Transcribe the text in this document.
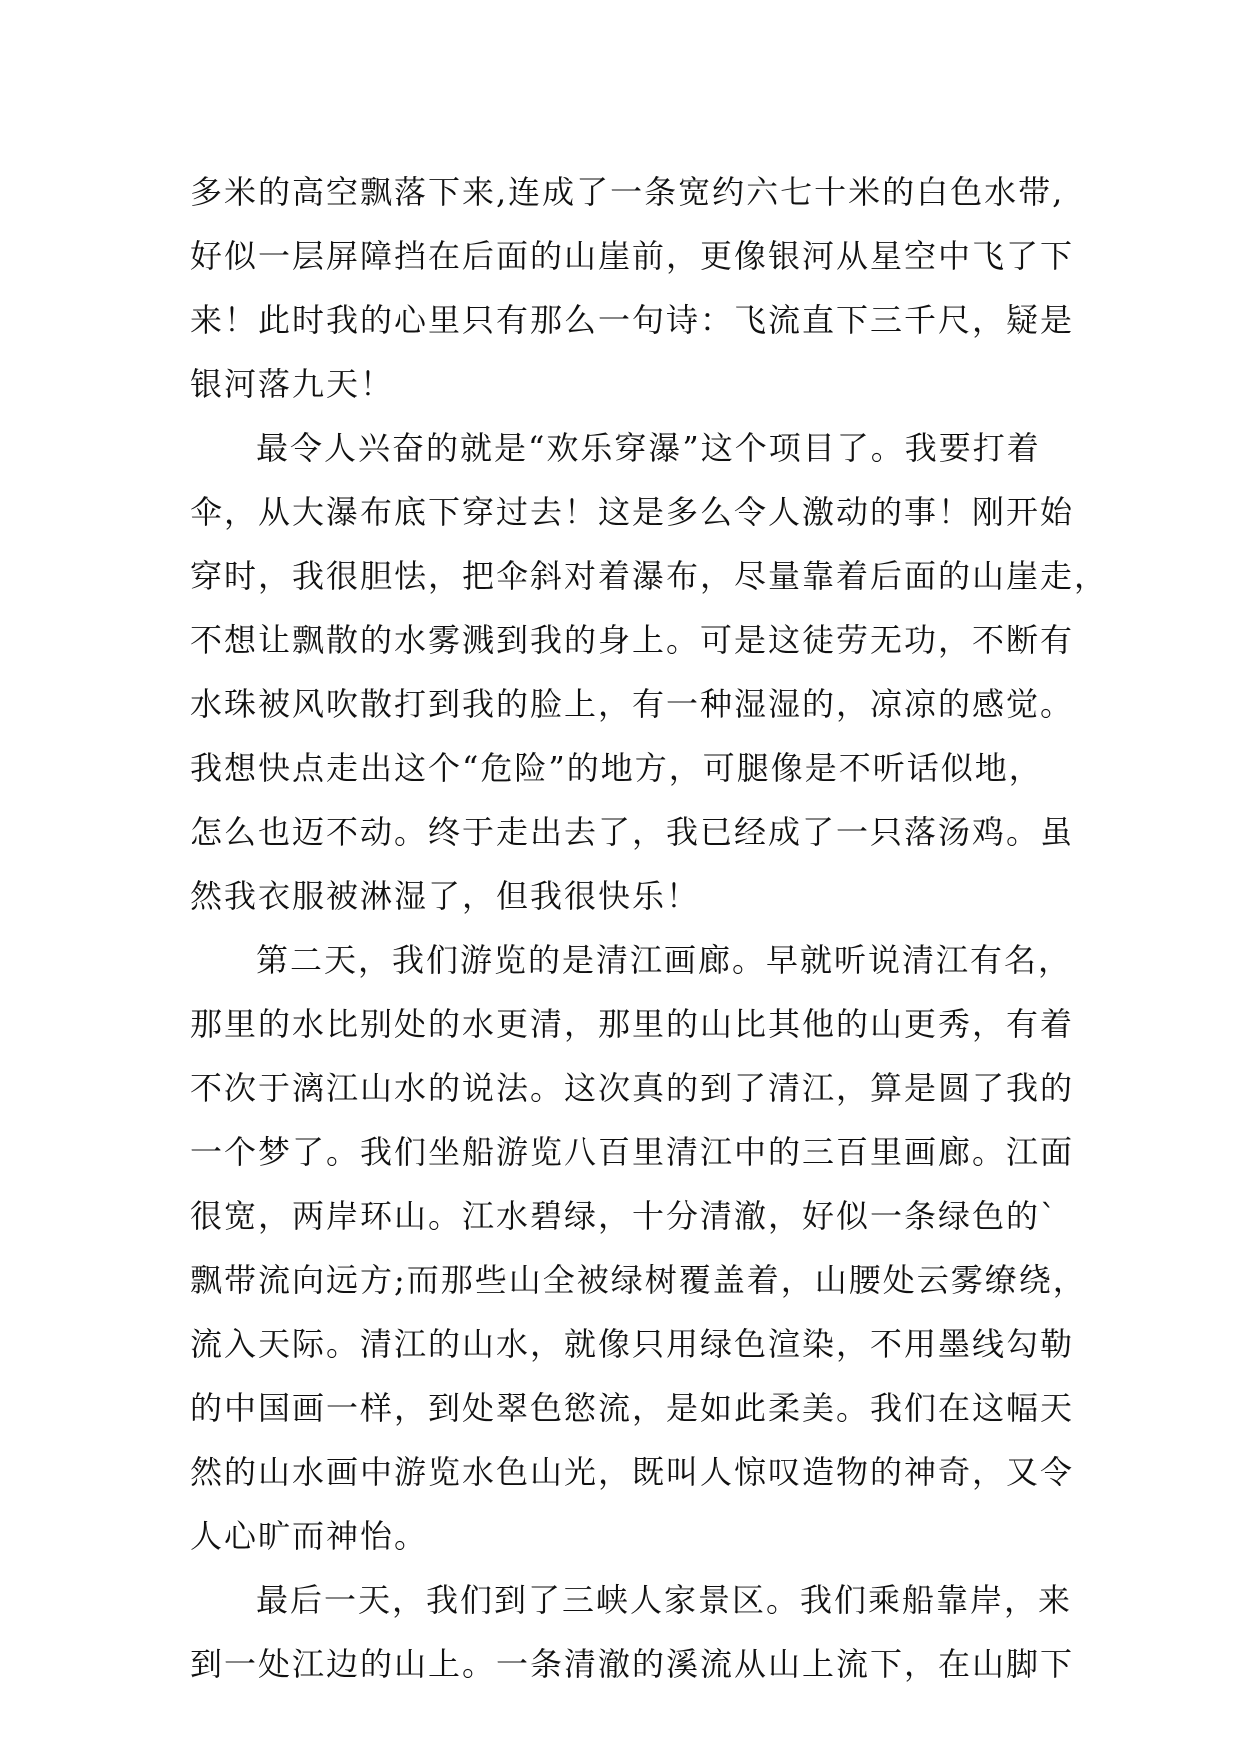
多米的高空飘落下来,连成了一条宽约六七十米的白色水带,
好似一层屏障挡在后面的山崖前，更像银河从星空中飞了下
来！此时我的心里只有那么一句诗：飞流直下三千尺，疑是
银河落九天！
最令人兴奋的就是“欢乐穿瀑”这个项目了。我要打着
伞，从大瀑布底下穿过去！这是多么令人激动的事！刚开始
穿时，我很胆怯，把伞斜对着瀑布，尽量靠着后面的山崖走，
不想让飘散的水雾溅到我的身上。可是这徒劳无功，不断有
水珠被风吹散打到我的脸上，有一种湿湿的，凉凉的感觉。
我想快点走出这个“危险”的地方，可腿像是不听话似地，
怎么也迈不动。终于走出去了，我已经成了一只落汤鸡。虽
然我衣服被淋湿了，但我很快乐！
第二天，我们游览的是清江画廊。早就听说清江有名，
那里的水比别处的水更清，那里的山比其他的山更秀，有着
不次于漓江山水的说法。这次真的到了清江，算是圆了我的
一个梦了。我们坐船游览八百里清江中的三百里画廊。江面
很宽，两岸环山。江水碧绿，十分清澈，好似一条绿色的`
飘带流向远方;而那些山全被绿树覆盖着，山腰处云雾缭绕，
流入天际。清江的山水，就像只用绿色渲染，不用墨线勾勒
的中国画一样，到处翠色慾流，是如此柔美。我们在这幅天
然的山水画中游览水色山光，既叫人惊叹造物的神奇，又令
人心旷而神怡。
最后一天，我们到了三峡人家景区。我们乘船靠岸，来
到一处江边的山上。一条清澈的溪流从山上流下，在山脚下
